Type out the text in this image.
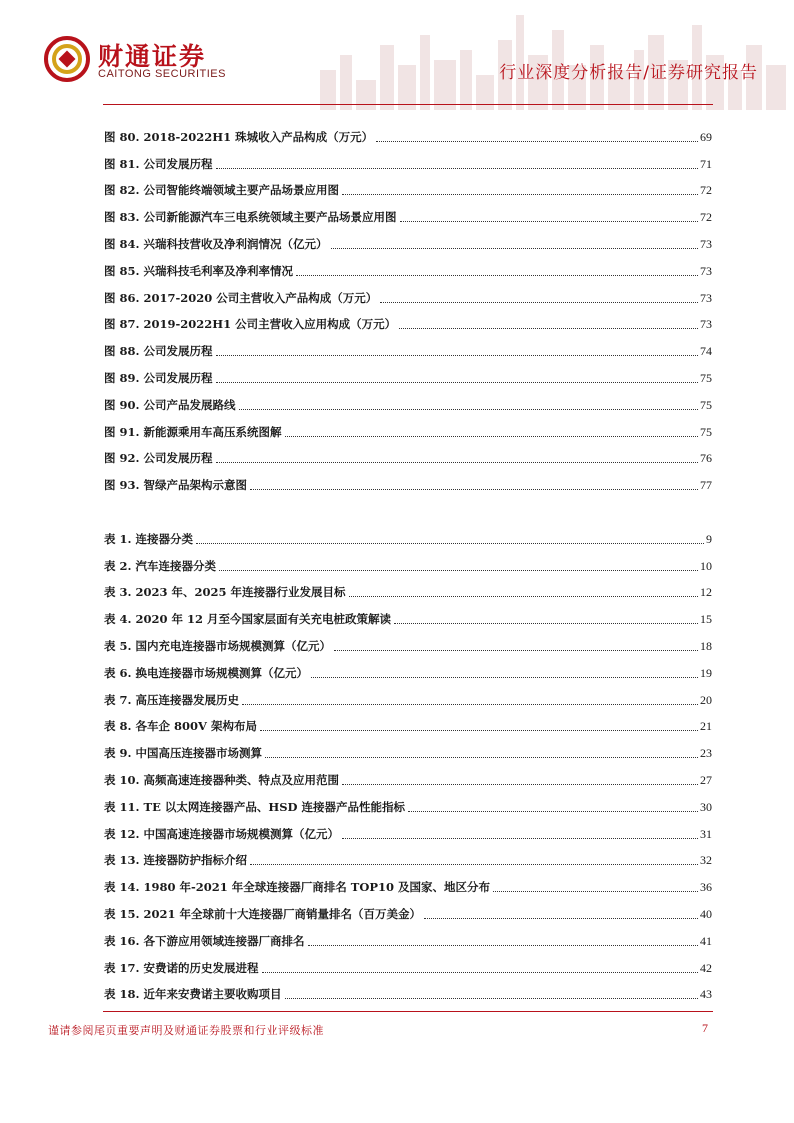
财通证券
CAITONG SECURITIES	行业深度分析报告/证券研究报告
图 80. 2018-2022H1 珠城收入产品构成（万元）	69
图 81. 公司发展历程	71
图 82. 公司智能终端领域主要产品场景应用图	72
图 83. 公司新能源汽车三电系统领域主要产品场景应用图	72
图 84. 兴瑞科技营收及净利润情况（亿元）	73
图 85. 兴瑞科技毛利率及净利率情况	73
图 86. 2017-2020 公司主营收入产品构成（万元）	73
图 87. 2019-2022H1 公司主营收入应用构成（万元）	73
图 88. 公司发展历程	74
图 89. 公司发展历程	75
图 90. 公司产品发展路线	75
图 91. 新能源乘用车高压系统图解	75
图 92. 公司发展历程	76
图 93. 智绿产品架构示意图	77
表 1. 连接器分类	9
表 2. 汽车连接器分类	10
表 3. 2023 年、2025 年连接器行业发展目标	12
表 4. 2020 年 12 月至今国家层面有关充电桩政策解读	15
表 5. 国内充电连接器市场规模测算（亿元）	18
表 6. 换电连接器市场规模测算（亿元）	19
表 7. 高压连接器发展历史	20
表 8. 各车企 800V 架构布局	21
表 9. 中国高压连接器市场测算	23
表 10. 高频高速连接器种类、特点及应用范围	27
表 11. TE 以太网连接器产品、HSD 连接器产品性能指标	30
表 12. 中国高速连接器市场规模测算（亿元）	31
表 13. 连接器防护指标介绍	32
表 14. 1980 年-2021 年全球连接器厂商排名 TOP10 及国家、地区分布	36
表 15. 2021 年全球前十大连接器厂商销量排名（百万美金）	40
表 16. 各下游应用领域连接器厂商排名	41
表 17. 安费诺的历史发展进程	42
表 18. 近年来安费诺主要收购项目	43
谨请参阅尾页重要声明及财通证券股票和行业评级标准	7
